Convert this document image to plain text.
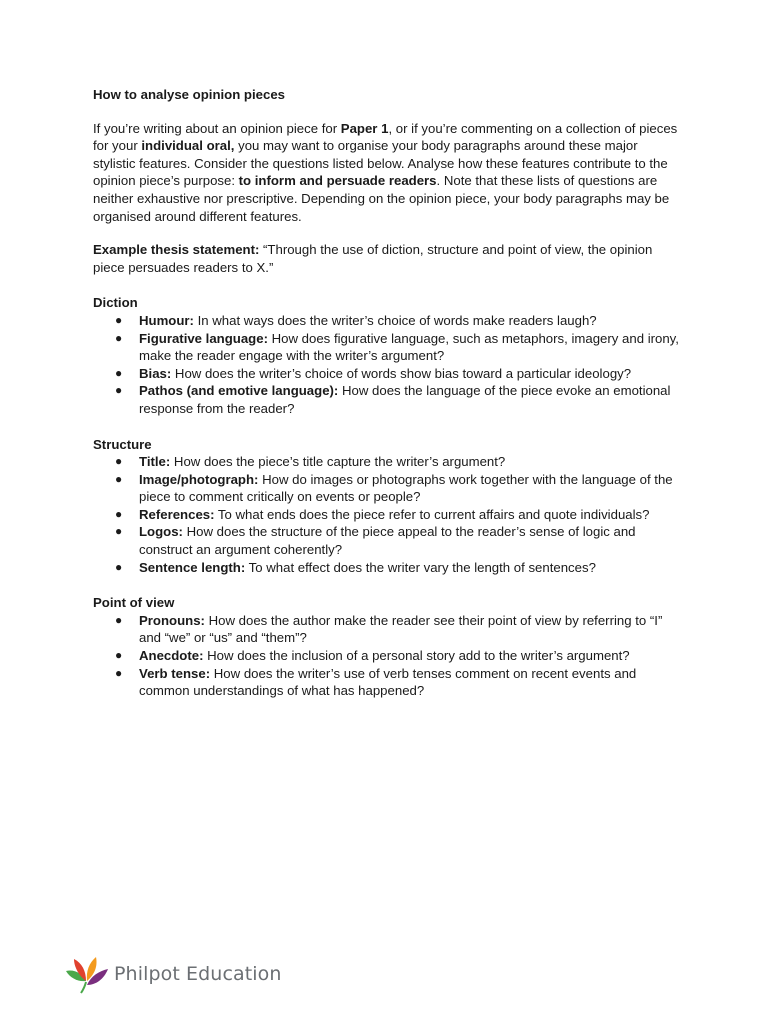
How to analyse opinion pieces

If you’re writing about an opinion piece for Paper 1, or if you’re commenting on a collection of pieces for your individual oral, you may want to organise your body paragraphs around these major stylistic features. Consider the questions listed below. Analyse how these features contribute to the opinion piece’s purpose: to inform and persuade readers. Note that these lists of questions are neither exhaustive nor prescriptive. Depending on the opinion piece, your body paragraphs may be organised around different features.

Example thesis statement: “Through the use of diction, structure and point of view, the opinion piece persuades readers to X.”

Diction

● Humour: In what ways does the writer’s choice of words make readers laugh?
● Figurative language: How does figurative language, such as metaphors, imagery and irony, make the reader engage with the writer’s argument?
● Bias: How does the writer’s choice of words show bias toward a particular ideology?
● Pathos (and emotive language): How does the language of the piece evoke an emotional response from the reader?

Structure

● Title: How does the piece’s title capture the writer’s argument?
● Image/photograph: How do images or photographs work together with the language of the piece to comment critically on events or people?
● References: To what ends does the piece refer to current affairs and quote individuals?
● Logos: How does the structure of the piece appeal to the reader’s sense of logic and construct an argument coherently?
● Sentence length: To what effect does the writer vary the length of sentences?

Point of view

● Pronouns: How does the author make the reader see their point of view by referring to “I” and “we” or “us” and “them”?
● Anecdote: How does the inclusion of a personal story add to the writer’s argument?
● Verb tense: How does the writer’s use of verb tenses comment on recent events and common understandings of what has happened?
Philpot Education
